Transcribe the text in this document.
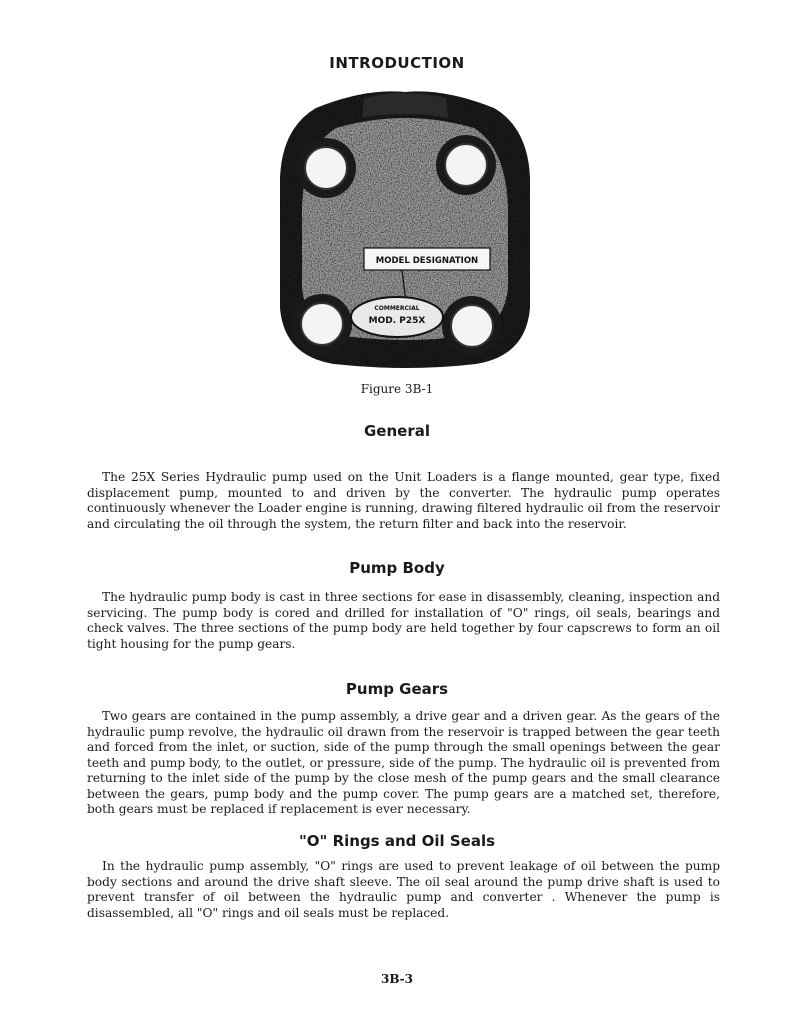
INTRODUCTION
MODEL DESIGNATION
COMMERCIAL
MOD. P25X

Figure 3B-1

General

The 25X Series Hydraulic pump used on the Unit Loaders is a flange mounted, gear type, fixed displacement pump, mounted to and driven by the converter. The hydraulic pump operates continuously whenever the Loader engine is running, drawing filtered hydraulic oil from the reservoir and circulating the oil through the system, the return filter and back into the reservoir.

Pump Body

The hydraulic pump body is cast in three sections for ease in disassembly, cleaning, inspection and servicing. The pump body is cored and drilled for installation of "O" rings, oil seals, bearings and check valves. The three sections of the pump body are held together by four capscrews to form an oil tight housing for the pump gears.

Pump Gears

Two gears are contained in the pump assembly, a drive gear and a driven gear. As the gears of the hydraulic pump revolve, the hydraulic oil drawn from the reservoir is trapped between the gear teeth and forced from the inlet, or suction, side of the pump through the small openings between the gear teeth and pump body, to the outlet, or pressure, side of the pump. The hydraulic oil is prevented from returning to the inlet side of the pump by the close mesh of the pump gears and the small clearance between the gears, pump body and the pump cover. The pump gears are a matched set, therefore, both gears must be replaced if replacement is ever necessary.

"O" Rings and Oil Seals

In the hydraulic pump assembly, "O" rings are used to prevent leakage of oil between the pump body sections and around the drive shaft sleeve. The oil seal around the pump drive shaft is used to prevent transfer of oil between the hydraulic pump and converter . Whenever the pump is disassembled, all "O" rings and oil seals must be replaced.

3B-3
